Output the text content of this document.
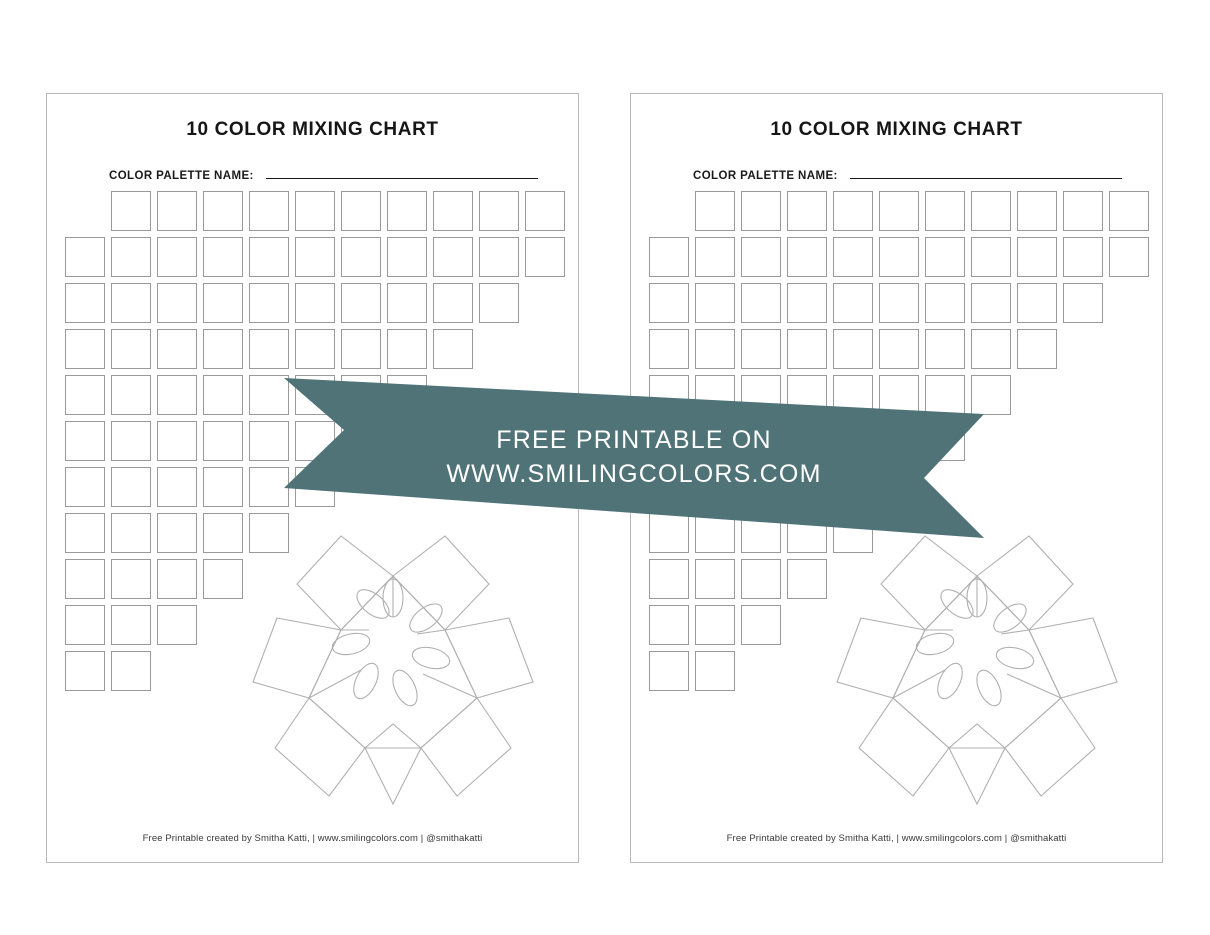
10 COLOR MIXING CHART
COLOR PALETTE NAME:
Free Printable created by Smitha Katti, | www.smilingcolors.com | @smithakatti
10 COLOR MIXING CHART
COLOR PALETTE NAME:
Free Printable created by Smitha Katti, | www.smilingcolors.com | @smithakatti
FREE PRINTABLE ON
WWW.SMILINGCOLORS.COM
